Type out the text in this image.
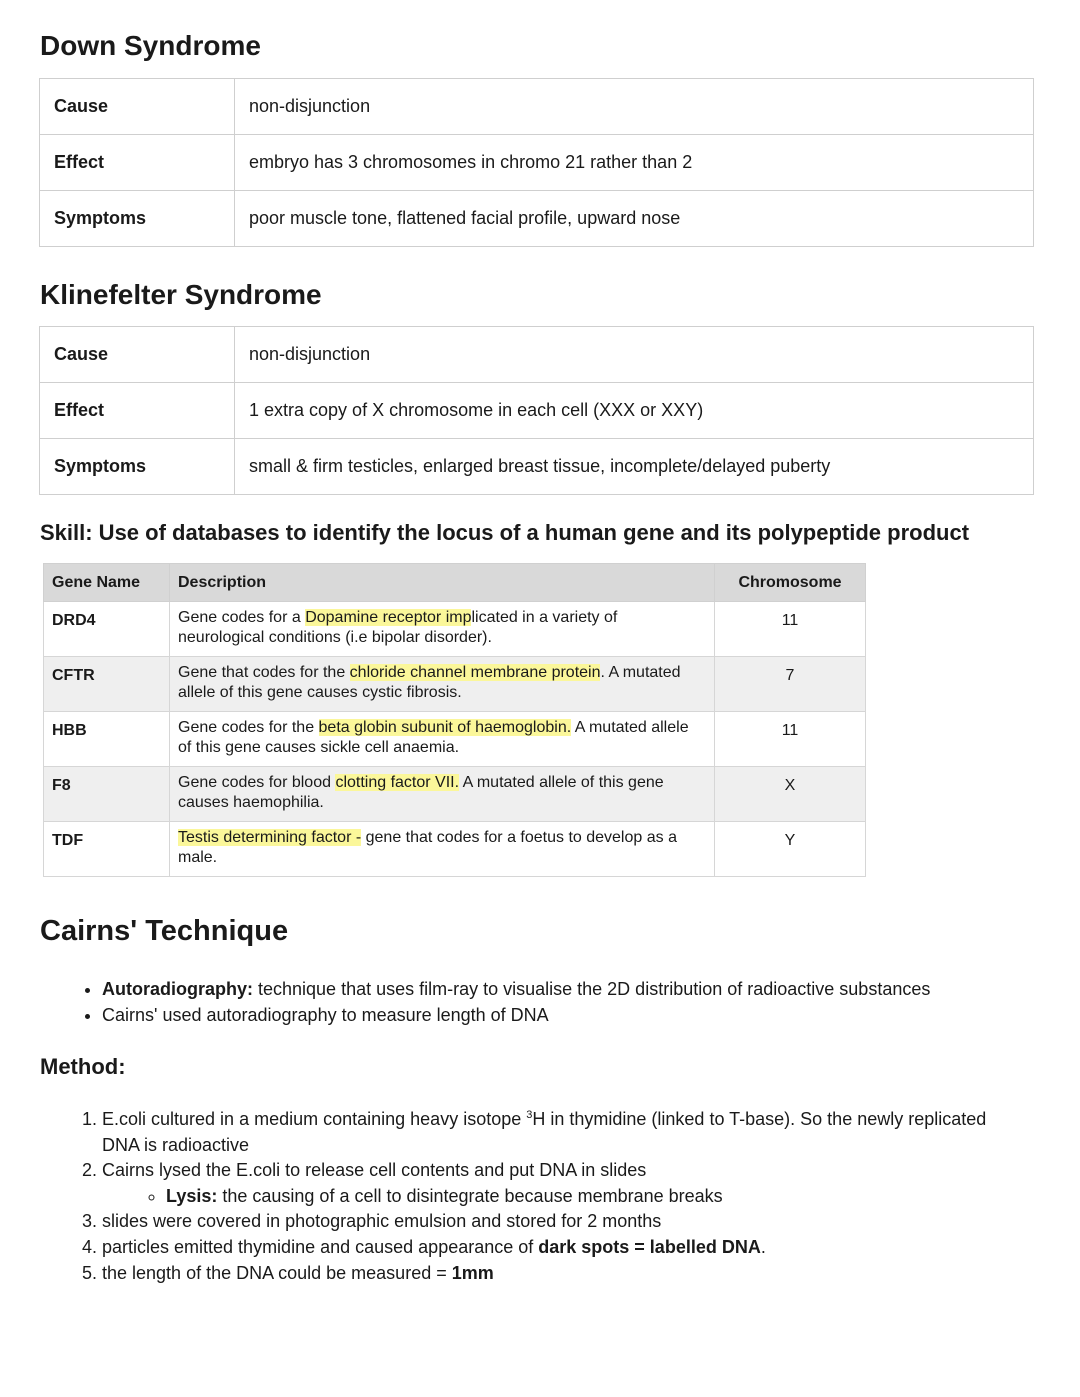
Down Syndrome
Cause	non-disjunction
Effect	embryo has 3 chromosomes in chromo 21 rather than 2
Symptoms	poor muscle tone, flattened facial profile, upward nose
Klinefelter Syndrome
Cause	non-disjunction
Effect	1 extra copy of X chromosome in each cell (XXX or XXY)
Symptoms	small & firm testicles, enlarged breast tissue, incomplete/delayed puberty
Skill: Use of databases to identify the locus of a human gene and its polypeptide product
Gene Name	Description	Chromosome
DRD4	Gene codes for a Dopamine receptor implicated in a variety of neurological conditions (i.e bipolar disorder).	11
CFTR	Gene that codes for the chloride channel membrane protein. A mutated allele of this gene causes cystic fibrosis.	7
HBB	Gene codes for the beta globin subunit of haemoglobin. A mutated allele of this gene causes sickle cell anaemia.	11
F8	Gene codes for blood clotting factor VII. A mutated allele of this gene causes haemophilia.	X
TDF	Testis determining factor - gene that codes for a foetus to develop as a male.	Y
Cairns' Technique
• Autoradiography: technique that uses film-ray to visualise the 2D distribution of radioactive substances
• Cairns' used autoradiography to measure length of DNA
Method:
1. E.coli cultured in a medium containing heavy isotope $^3$H in thymidine (linked to T-base). So the newly replicated DNA is radioactive
2. Cairns lysed the E.coli to release cell contents and put DNA in slides
◦ Lysis: the causing of a cell to disintegrate because membrane breaks
3. slides were covered in photographic emulsion and stored for 2 months
4. particles emitted thymidine and caused appearance of dark spots = labelled DNA.
5. the length of the DNA could be measured = 1mm
